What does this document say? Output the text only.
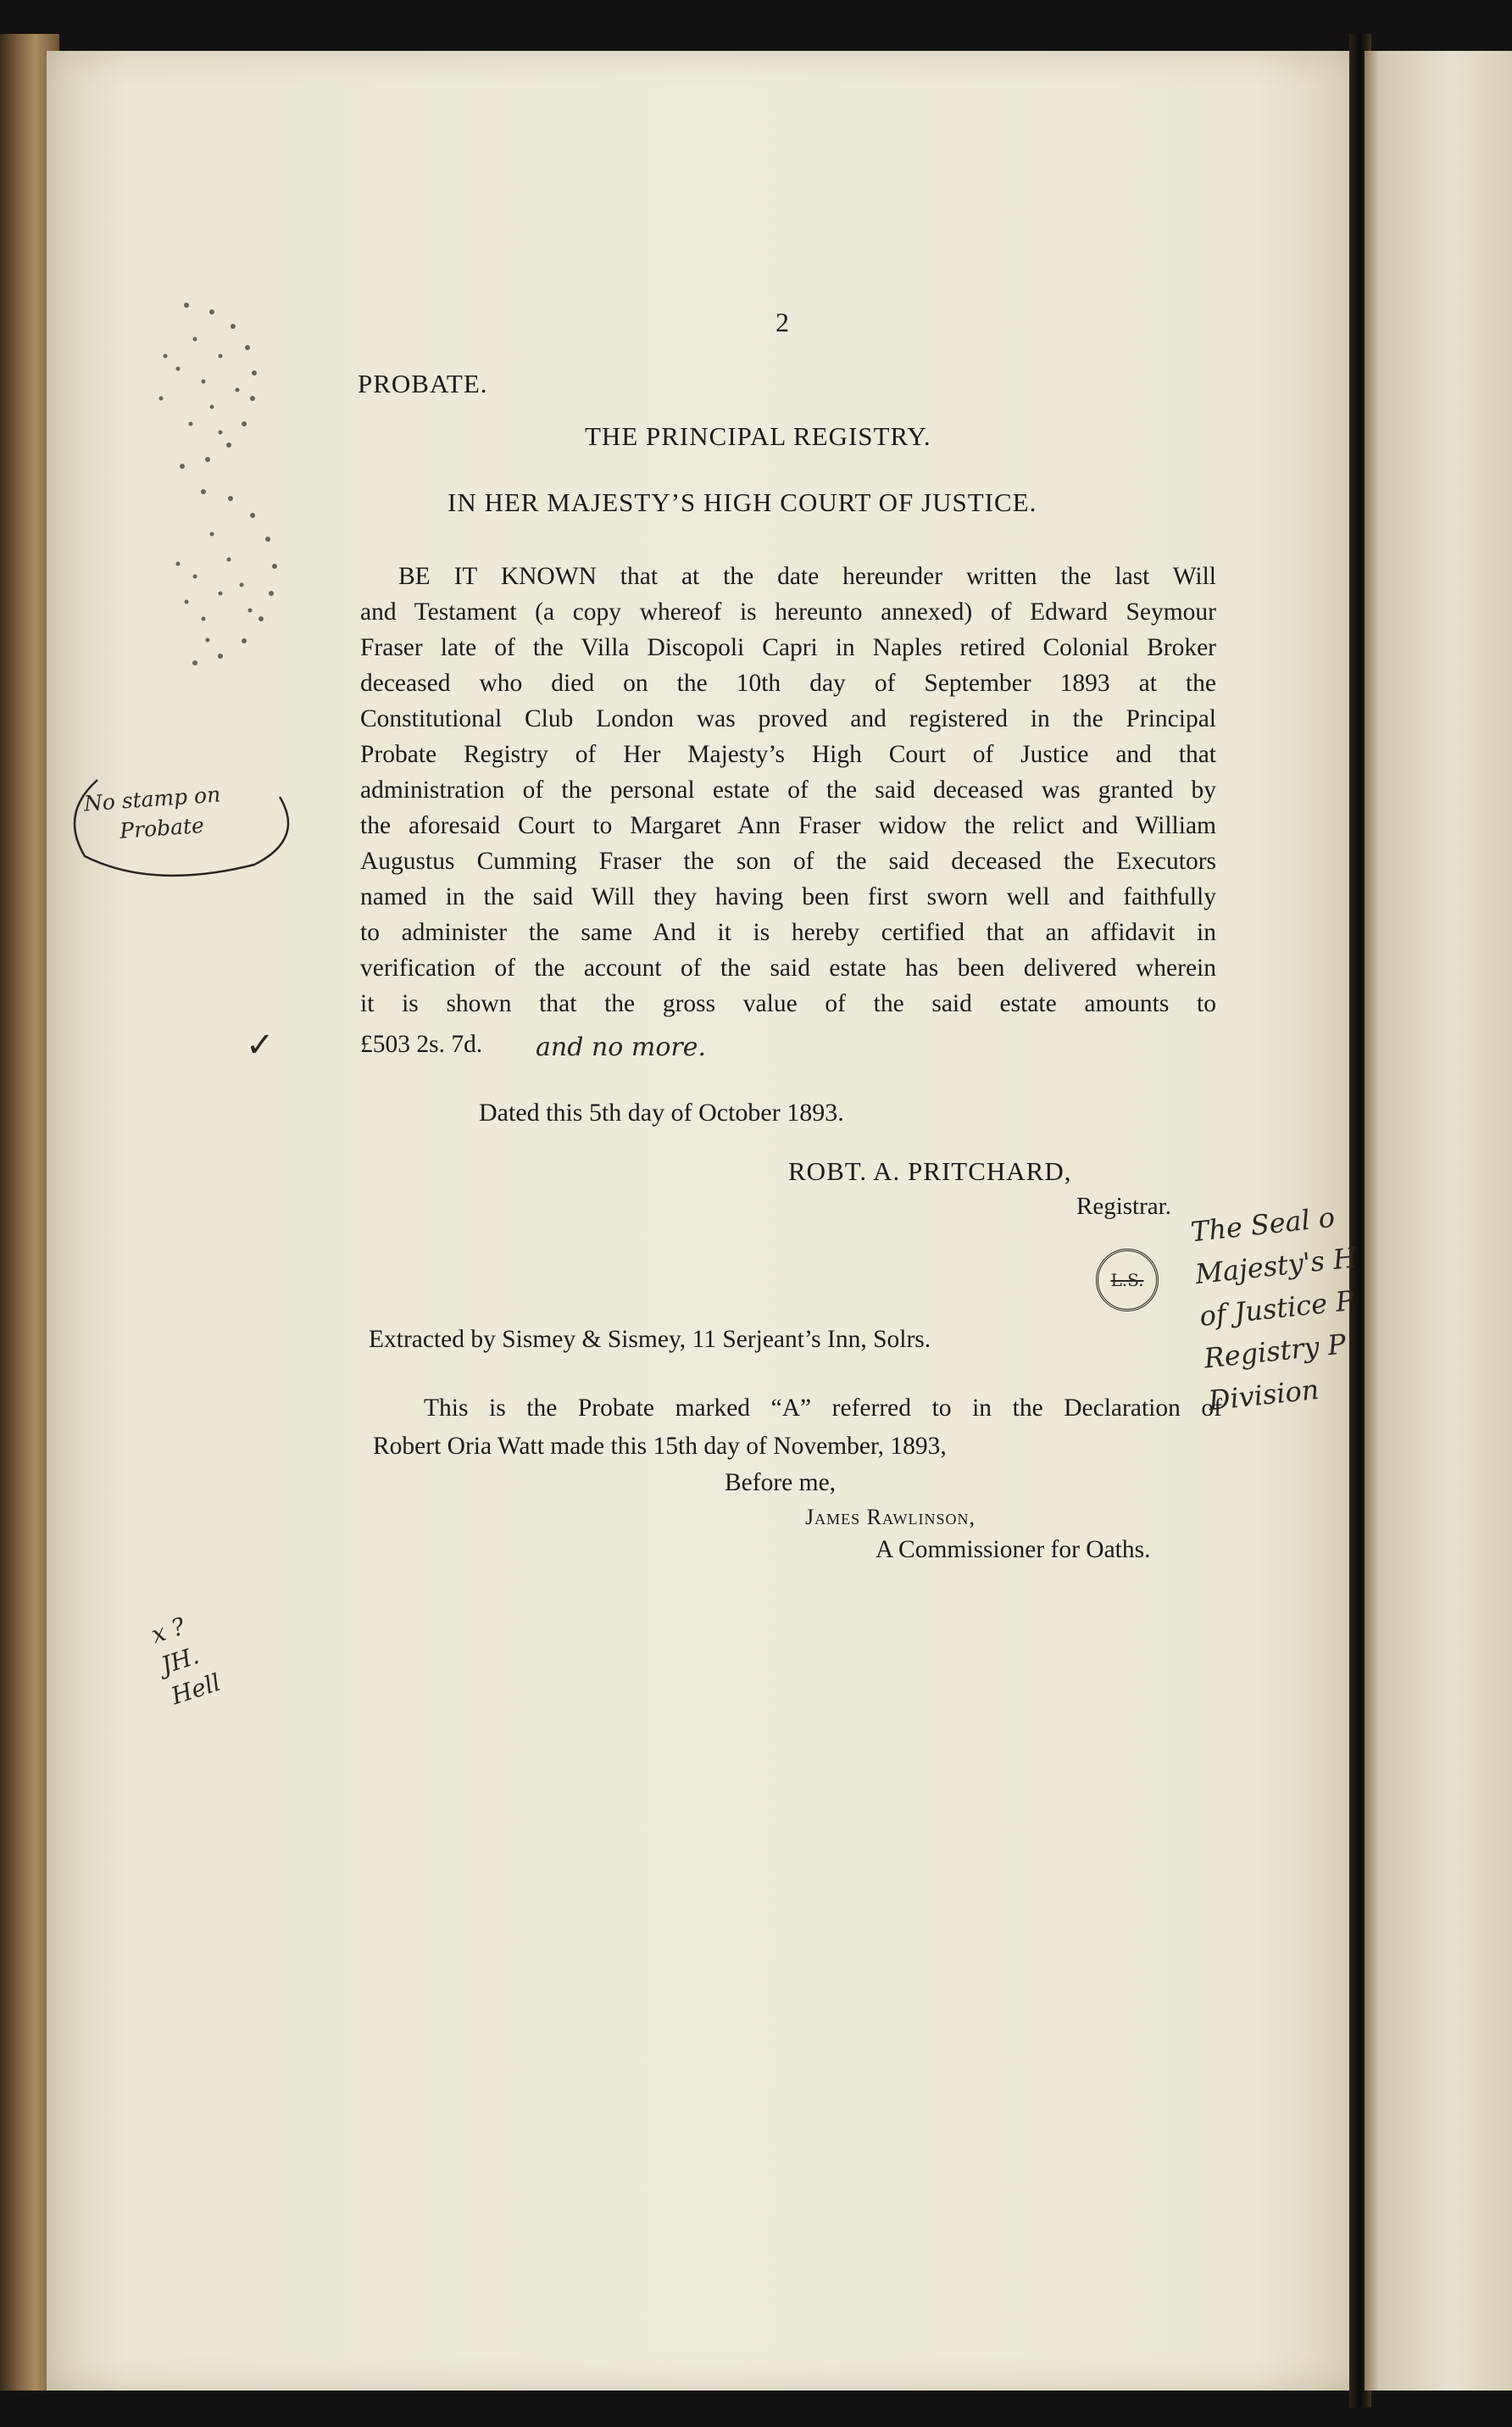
2
PROBATE.
THE PRINCIPAL REGISTRY.
IN HER MAJESTY’S HIGH COURT OF JUSTICE.
BE IT KNOWN that at the date hereunder written the last Will
and Testament (a copy whereof is hereunto annexed) of Edward Seymour
Fraser late of the Villa Discopoli Capri in Naples retired Colonial Broker
deceased who died on the 10th day of September 1893 at the
Constitutional Club London was proved and registered in the Principal
Probate Registry of Her Majesty’s High Court of Justice and that
administration of the personal estate of the said deceased was granted by
the aforesaid Court to Margaret Ann Fraser widow the relict and William
Augustus Cumming Fraser the son of the said deceased the Executors
named in the said Will they having been first sworn well and faithfully
to administer the same And it is hereby certified that an affidavit in
verification of the account of the said estate has been delivered wherein
it is shown that the gross value of the said estate amounts to
£503 2s. 7d.
Dated this 5th day of October 1893.
ROBT. A. PRITCHARD,
Registrar.
L.S.
Extracted by Sismey & Sismey, 11 Serjeant’s Inn, Solrs.
This is the Probate marked “A” referred to in the Declaration of
Robert Oria Watt made this 15th day of November, 1893,
Before me,
James Rawlinson,
A Commissioner for Oaths.
No stamp on
Probate
✓	and no more.
The Seal o
Majesty's H
of Justice P
Registry P
Division
x ?
JH.
Hell
